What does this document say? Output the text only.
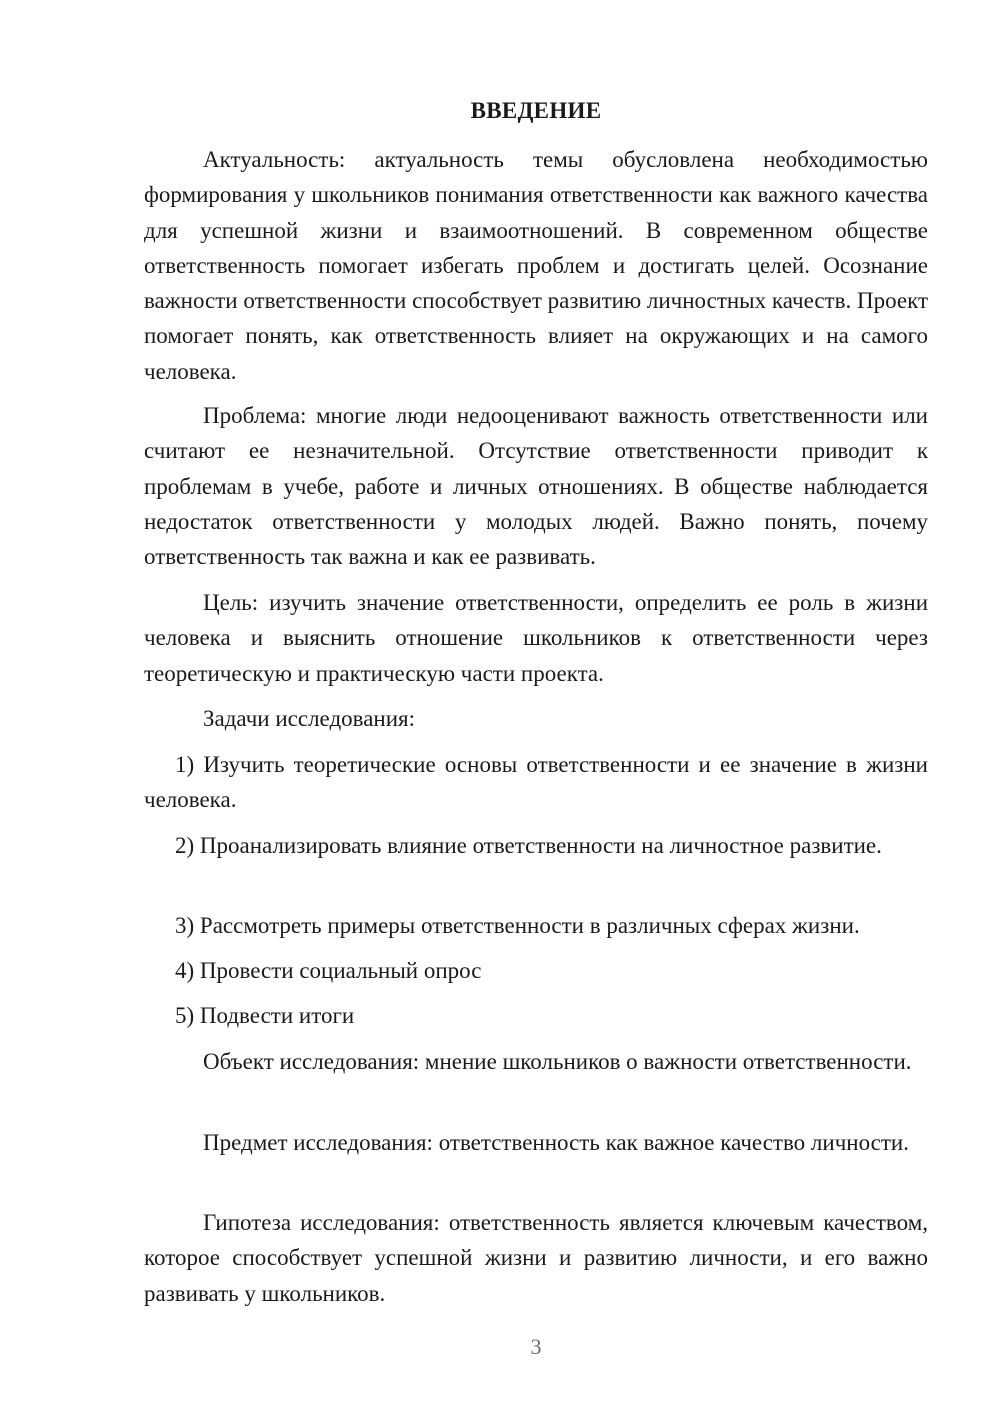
ВВЕДЕНИЕ

Актуальность: актуальность темы обусловлена необходимостью формирования у школьников понимания ответственности как важного качества для успешной жизни и взаимоотношений. В современном обществе ответственность помогает избегать проблем и достигать целей. Осознание важности ответственности способствует развитию личностных качеств. Проект помогает понять, как ответственность влияет на окружающих и на самого человека.

Проблема: многие люди недооценивают важность ответственности или считают ее незначительной. Отсутствие ответственности приводит к проблемам в учебе, работе и личных отношениях. В обществе наблюдается недостаток ответственности у молодых людей. Важно понять, почему ответственность так важна и как ее развивать.

Цель: изучить значение ответственности, определить ее роль в жизни человека и выяснить отношение школьников к ответственности через теоретическую и практическую части проекта.

Задачи исследования:

1) Изучить теоретические основы ответственности и ее значение в жизни человека.

2) Проанализировать влияние ответственности на личностное развитие.

3) Рассмотреть примеры ответственности в различных сферах жизни.

4) Провести социальный опрос

5) Подвести итоги

Объект исследования: мнение школьников о важности ответственности.

Предмет исследования: ответственность как важное качество личности.

Гипотеза исследования: ответственность является ключевым качеством, которое способствует успешной жизни и развитию личности, и его важно развивать у школьников.

3
